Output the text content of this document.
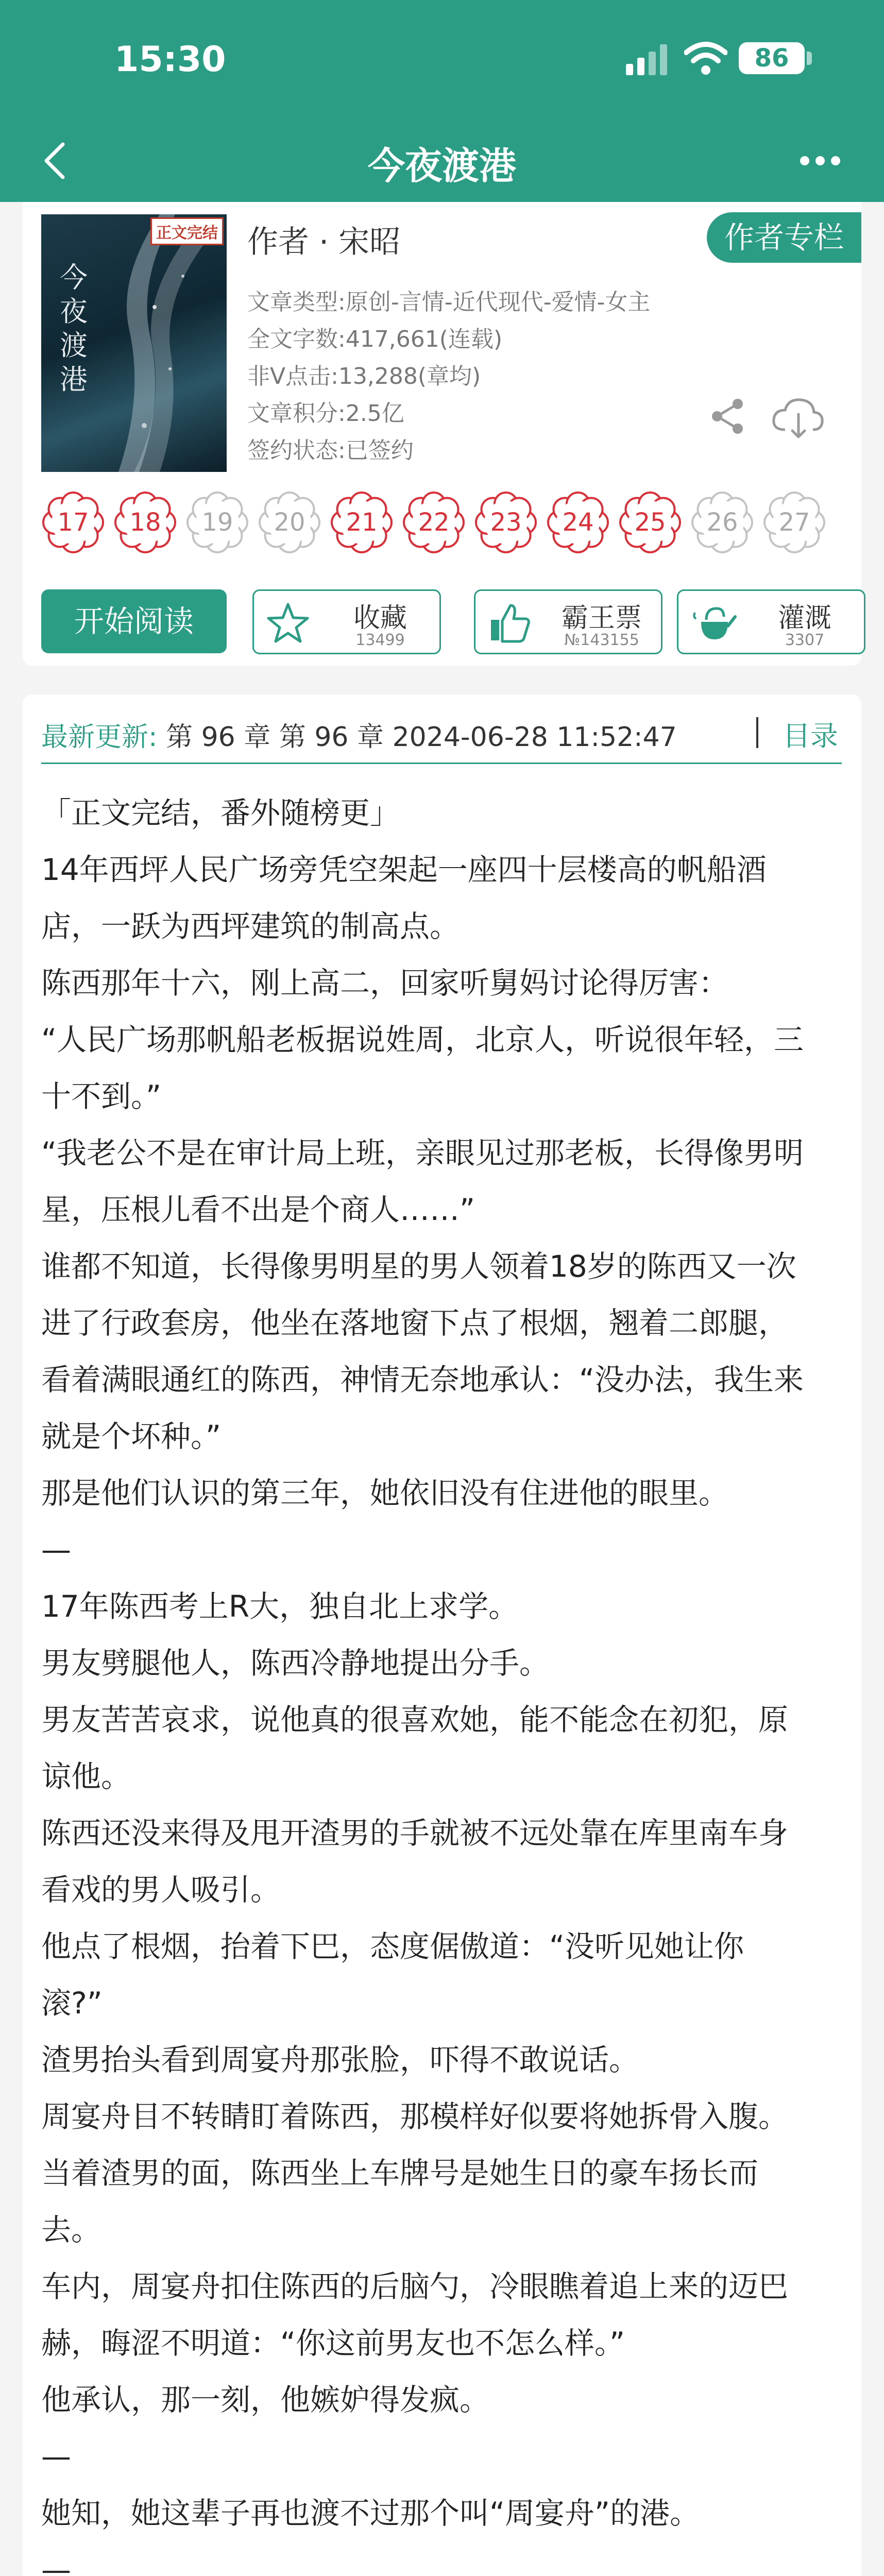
15:30	86
今夜渡港
正文完结
今夜渡港
作者 · 宋昭	作者专栏
文章类型:原创-言情-近代现代-爱情-女主
全文字数:417,661(连载)
非V点击:13,288(章均)
文章积分:2.5亿
签约状态:已签约
17	18	19	20	21	22	23	24	25	26	27
开始阅读	收藏
13499
霸王票
№143155
灌溉
3307
最新更新: 第 96 章 第 96 章 2024-06-28 11:52:47	目录
「正文完结，番外随榜更」
14年西坪人民广场旁凭空架起一座四十层楼高的帆船酒
店，一跃为西坪建筑的制高点。
陈西那年十六，刚上高二，回家听舅妈讨论得厉害：
“人民广场那帆船老板据说姓周，北京人，听说很年轻，三
十不到。”
“我老公不是在审计局上班，亲眼见过那老板，长得像男明
星，压根儿看不出是个商人……”
谁都不知道，长得像男明星的男人领着18岁的陈西又一次
进了行政套房，他坐在落地窗下点了根烟，翘着二郎腿，
看着满眼通红的陈西，神情无奈地承认：“没办法，我生来
就是个坏种。”
那是他们认识的第三年，她依旧没有住进他的眼里。
—
17年陈西考上R大，独自北上求学。
男友劈腿他人，陈西冷静地提出分手。
男友苦苦哀求，说他真的很喜欢她，能不能念在初犯，原
谅他。
陈西还没来得及甩开渣男的手就被不远处靠在库里南车身
看戏的男人吸引。
他点了根烟，抬着下巴，态度倨傲道：“没听见她让你
滚?”
渣男抬头看到周宴舟那张脸，吓得不敢说话。
周宴舟目不转睛盯着陈西，那模样好似要将她拆骨入腹。
当着渣男的面，陈西坐上车牌号是她生日的豪车扬长而
去。
车内，周宴舟扣住陈西的后脑勺，冷眼瞧着追上来的迈巴
赫，晦涩不明道：“你这前男友也不怎么样。”
他承认，那一刻，他嫉妒得发疯。
—
她知，她这辈子再也渡不过那个叫“周宴舟”的港。
—
